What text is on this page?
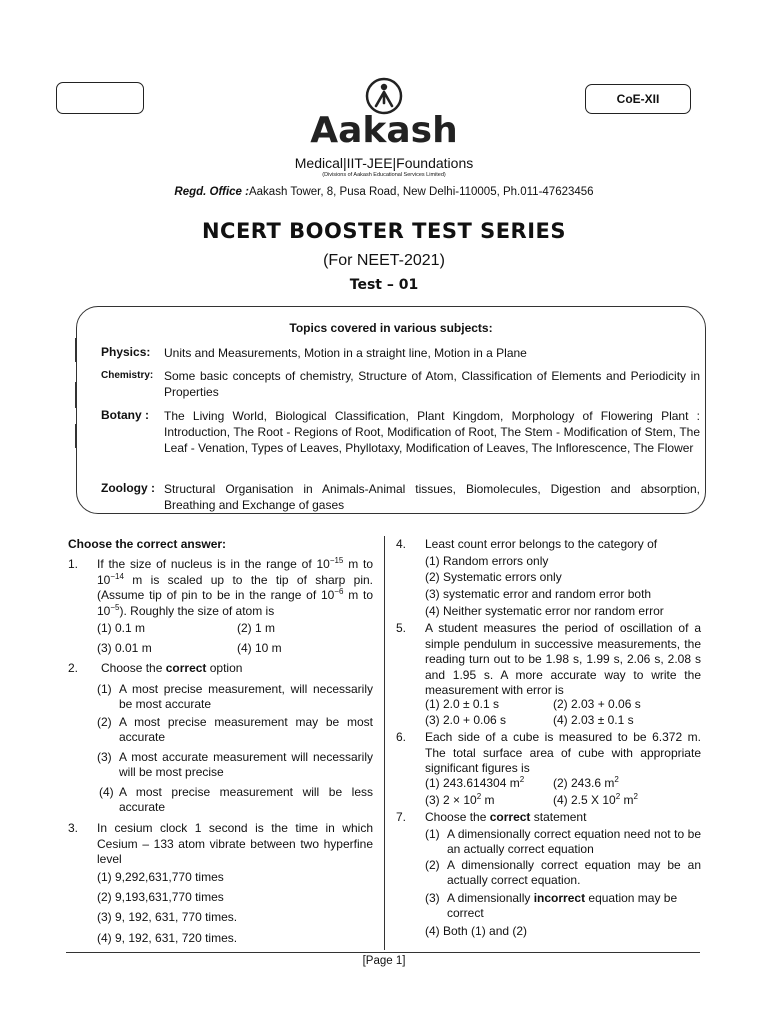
CoE-XII
Aakash
Medical|IIT-JEE|Foundations
(Divisions of Aakash Educational Services Limited)
Regd. Office :Aakash Tower, 8, Pusa Road, New Delhi-110005, Ph.011-47623456
NCERT BOOSTER TEST SERIES
(For NEET-2021)
Test – 01
Topics covered in various subjects:
Physics: Units and Measurements, Motion in a straight line, Motion in a Plane
Chemistry: Some basic concepts of chemistry, Structure of Atom, Classification of Elements and Periodicity in Properties
Botany : The Living World, Biological Classification, Plant Kingdom, Morphology of Flowering Plant : Introduction, The Root - Regions of Root, Modification of Root, The Stem - Modification of Stem, The Leaf - Venation, Types of Leaves, Phyllotaxy, Modification of Leaves, The Inflorescence, The Flower
Zoology : Structural Organisation in Animals-Animal tissues, Biomolecules, Digestion and absorption, Breathing and Exchange of gases
Choose the correct answer:
1. If the size of nucleus is in the range of $10^{-15}$ m to $10^{-14}$ m is scaled up to the tip of sharp pin. (Assume tip of pin to be in the range of $10^{-6}$ m to $10^{-5}$). Roughly the size of atom is
(1) 0.1 m	(2) 1 m
(3) 0.01 m	(4) 10 m
2. Choose the correct option
(1) A most precise measurement, will necessarily be most accurate
(2) A most precise measurement may be most accurate
(3) A most accurate measurement will necessarily will be most precise
(4) A most precise measurement will be less accurate
3. In cesium clock 1 second is the time in which Cesium – 133 atom vibrate between two hyperfine level
(1) 9,292,631,770 times
(2) 9,193,631,770 times
(3) 9, 192, 631, 770 times.
(4) 9, 192, 631, 720 times.
4. Least count error belongs to the category of
(1) Random errors only
(2) Systematic errors only
(3) systematic error and random error both
(4) Neither systematic error nor random error
5. A student measures the period of oscillation of a simple pendulum in successive measurements, the reading turn out to be 1.98 s, 1.99 s, 2.06 s, 2.08 s and 1.95 s. A more accurate way to write the measurement with error is
(1) 2.0 ± 0.1 s	(2) 2.03 + 0.06 s
(3) 2.0 + 0.06 s	(4) 2.03 ± 0.1 s
6. Each side of a cube is measured to be 6.372 m. The total surface area of cube with appropriate significant figures is
(1) 243.614304 $m^2$ (2) 243.6 $m^2$
(3) $2 \times 10^2$ m	(4) 2.5 X $10^2$ $m^2$
7. Choose the correct statement
(1) A dimensionally correct equation need not to be an actually correct equation
(2) A dimensionally correct equation may be an actually correct equation.
(3) A dimensionally incorrect equation may be correct
(4) Both (1) and (2)
[Page 1]
